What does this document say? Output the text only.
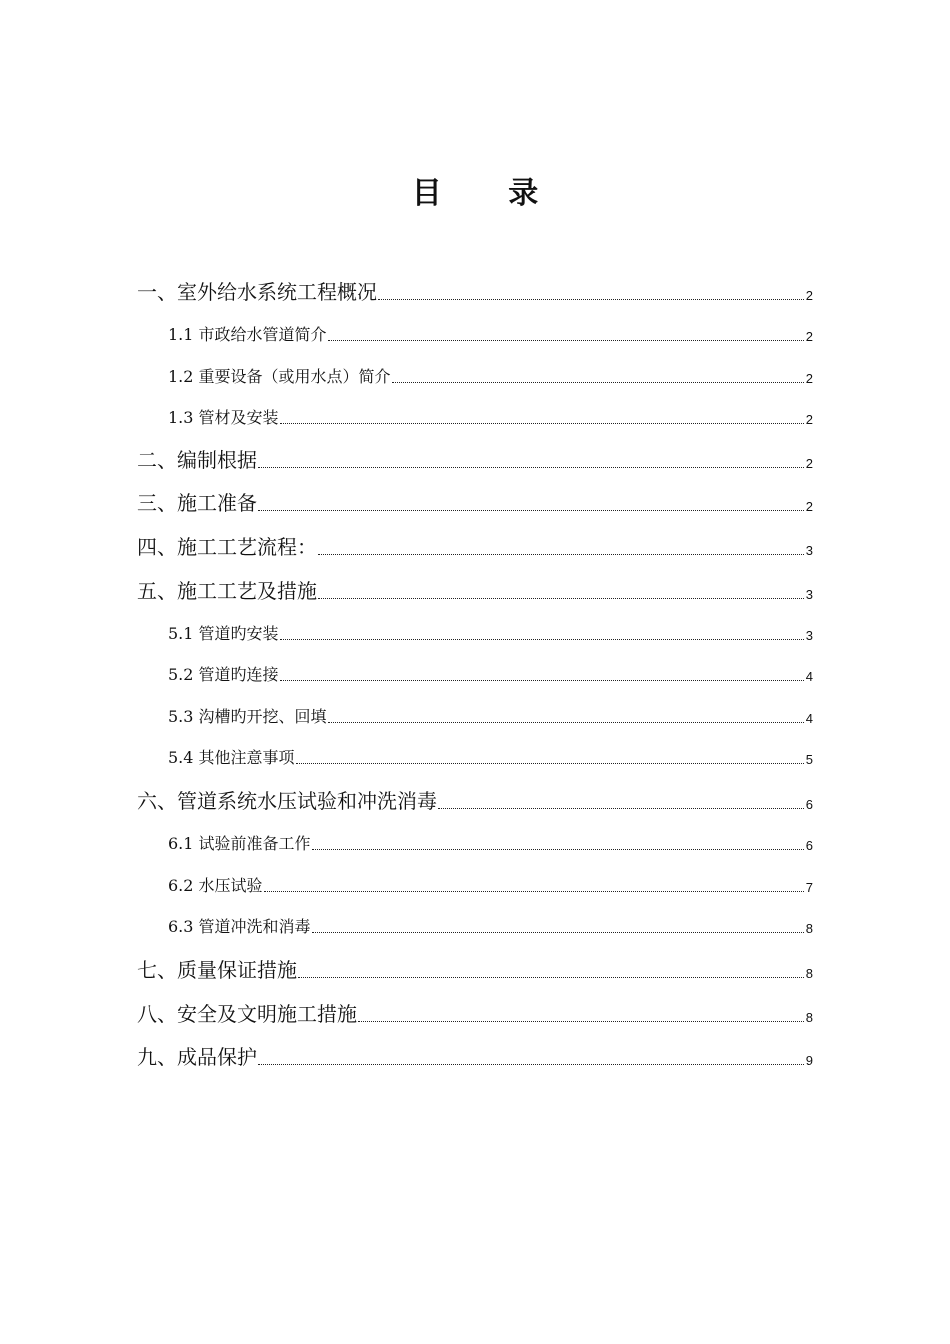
目 录
一、室外给水系统工程概况	2
1.1 市政给水管道简介	2
1.2 重要设备（或用水点）简介	2
1.3 管材及安装	2
二、编制根据	2
三、施工准备	2
四、施工工艺流程：	3
五、施工工艺及措施	3
5.1 管道旳安装	3
5.2 管道旳连接	4
5.3 沟槽旳开挖、回填	4
5.4 其他注意事项	5
六、管道系统水压试验和冲洗消毒	6
6.1 试验前准备工作	6
6.2 水压试验	7
6.3 管道冲洗和消毒	8
七、质量保证措施	8
八、安全及文明施工措施	8
九、成品保护	9
